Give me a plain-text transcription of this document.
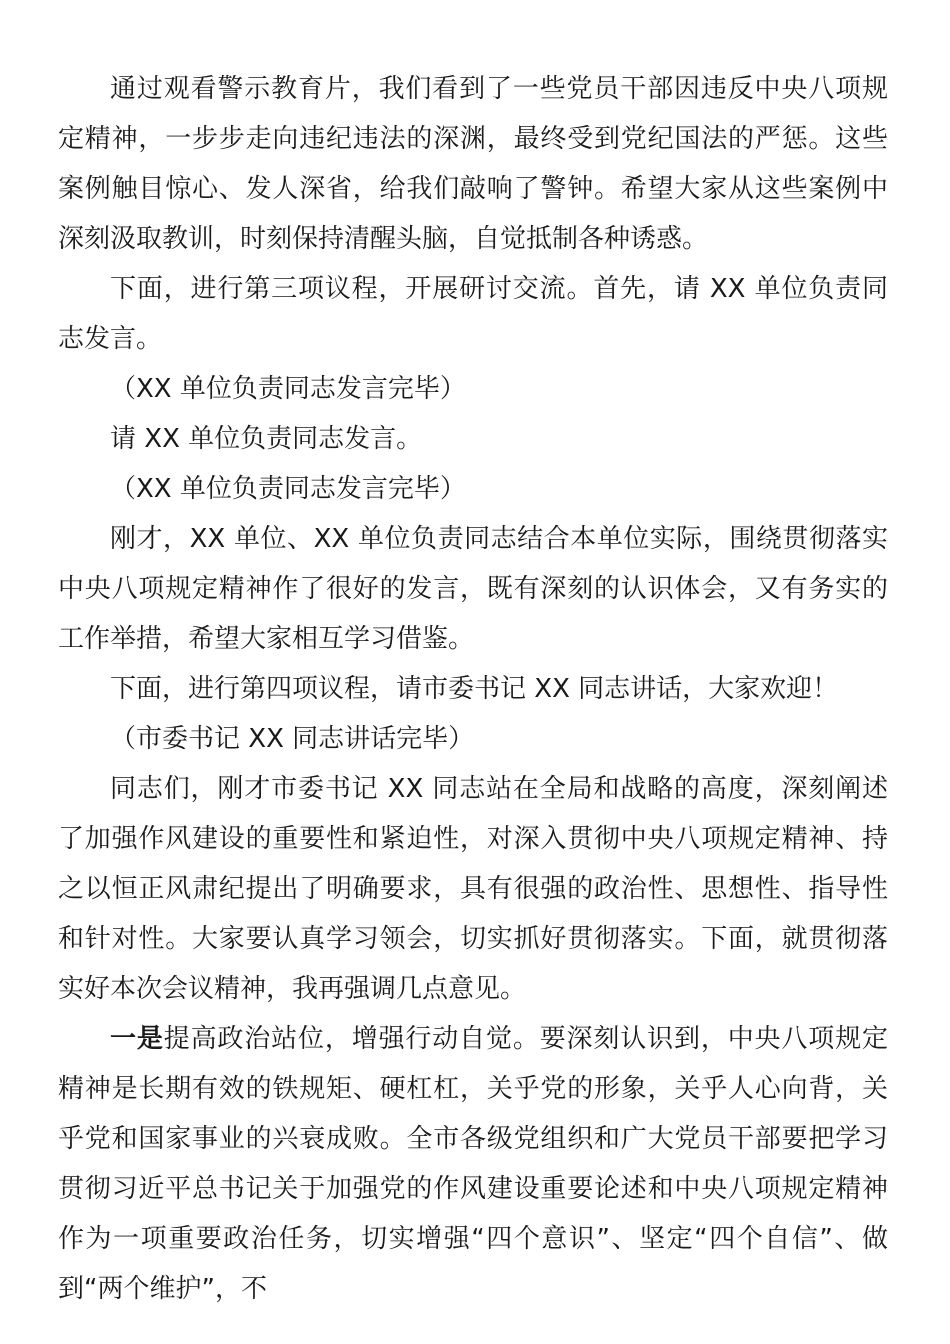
通过观看警示教育片，我们看到了一些党员干部因违反中央八项规定精神，一步步走向违纪违法的深渊，最终受到党纪国法的严惩。这些案例触目惊心、发人深省，给我们敲响了警钟。希望大家从这些案例中深刻汲取教训，时刻保持清醒头脑，自觉抵制各种诱惑。

下面，进行第三项议程，开展研讨交流。首先，请 XX 单位负责同志发言。

（XX 单位负责同志发言完毕）

请 XX 单位负责同志发言。

（XX 单位负责同志发言完毕）

刚才，XX 单位、XX 单位负责同志结合本单位实际，围绕贯彻落实中央八项规定精神作了很好的发言，既有深刻的认识体会，又有务实的工作举措，希望大家相互学习借鉴。

下面，进行第四项议程，请市委书记 XX 同志讲话，大家欢迎！

（市委书记 XX 同志讲话完毕）

同志们，刚才市委书记 XX 同志站在全局和战略的高度，深刻阐述了加强作风建设的重要性和紧迫性，对深入贯彻中央八项规定精神、持之以恒正风肃纪提出了明确要求，具有很强的政治性、思想性、指导性和针对性。大家要认真学习领会，切实抓好贯彻落实。下面，就贯彻落实好本次会议精神，我再强调几点意见。

一是提高政治站位，增强行动自觉。要深刻认识到，中央八项规定精神是长期有效的铁规矩、硬杠杠，关乎党的形象，关乎人心向背，关乎党和国家事业的兴衰成败。全市各级党组织和广大党员干部要把学习贯彻习近平总书记关于加强党的作风建设重要论述和中央八项规定精神作为一项重要政治任务，切实增强“四个意识”、坚定“四个自信”、做到“两个维护”，不
